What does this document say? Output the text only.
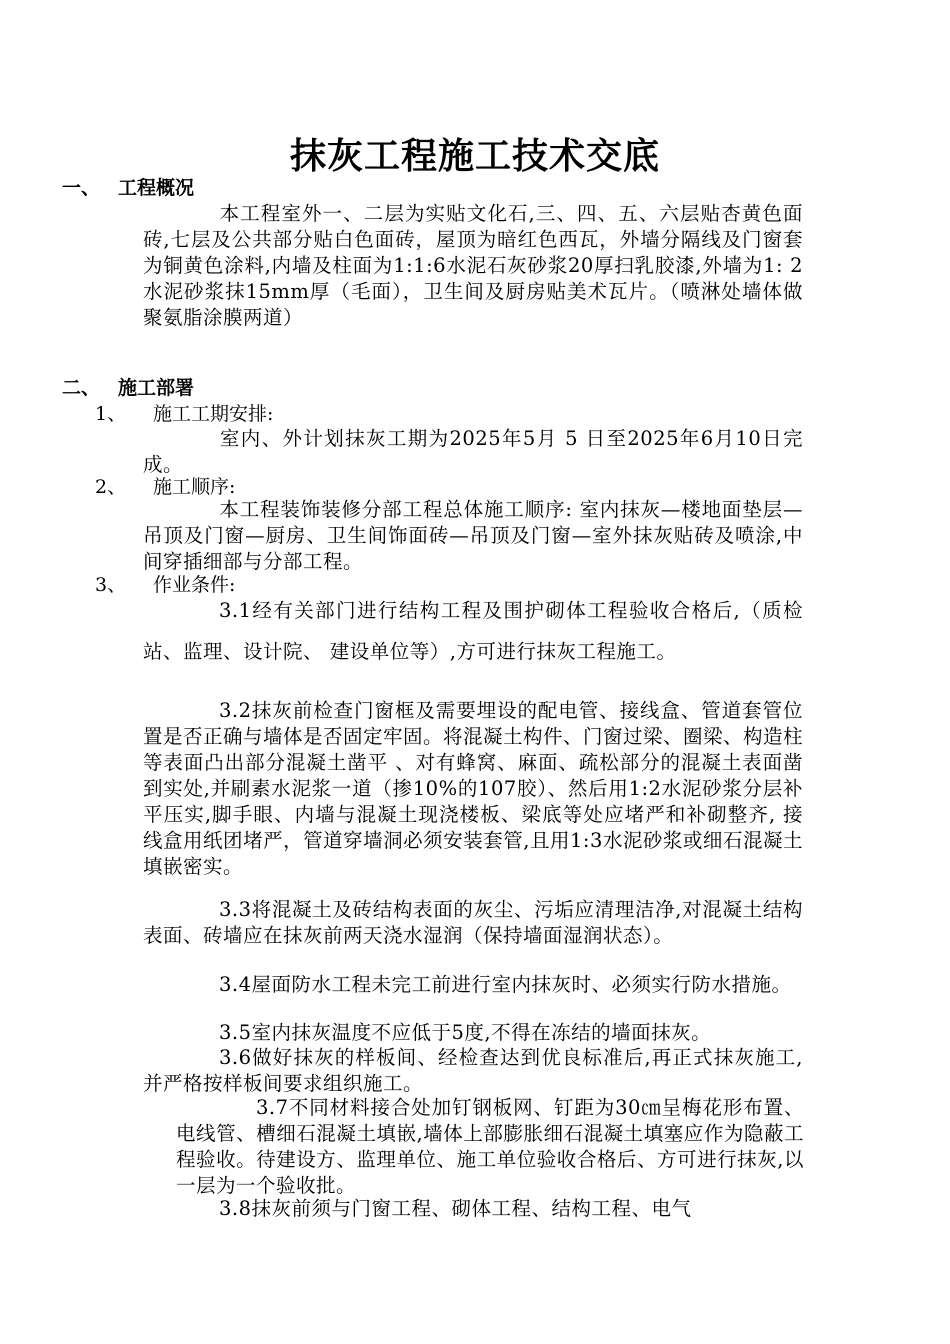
抹灰工程施工技术交底
一、 工程概况
本工程室外一、二层为实贴文化石,三、四、五、六层贴杏黄色面砖,七层及公共部分贴白色面砖，屋顶为暗红色西瓦，外墙分隔线及门窗套为铜黄色涂料,内墙及柱面为1:1:6水泥石灰砂浆20厚扫乳胶漆,外墙为1: 2水泥砂浆抹15mm厚（毛面），卫生间及厨房贴美术瓦片。（喷淋处墙体做聚氨脂涂膜两道）
二、 施工部署
1、 施工工期安排:
室内、外计划抹灰工期为2025年5月 5 日至2025年6月10日完成。
2、 施工顺序:
本工程装饰装修分部工程总体施工顺序: 室内抹灰—楼地面垫层—吊顶及门窗—厨房、卫生间饰面砖—吊顶及门窗—室外抹灰贴砖及喷涂,中间穿插细部与分部工程。
3、 作业条件:
3.1经有关部门进行结构工程及围护砌体工程验收合格后,（质检站、监理、设计院、 建设单位等）,方可进行抹灰工程施工。
3.2抹灰前检查门窗框及需要埋设的配电管、接线盒、管道套管位置是否正确与墙体是否固定牢固。将混凝土构件、门窗过梁、圈梁、构造柱等表面凸出部分混凝土凿平 、对有蜂窝、麻面、疏松部分的混凝土表面凿到实处,并刷素水泥浆一道（掺10%的107胶）、然后用1:2水泥砂浆分层补平压实,脚手眼、内墙与混凝土现浇楼板、梁底等处应堵严和补砌整齐, 接线盒用纸团堵严，管道穿墙洞必须安装套管,且用1:3水泥砂浆或细石混凝土填嵌密实。
3.3将混凝土及砖结构表面的灰尘、污垢应清理洁净,对混凝土结构表面、砖墙应在抹灰前两天浇水湿润（保持墙面湿润状态）。
3.4屋面防水工程未完工前进行室内抹灰时、必须实行防水措施。
3.5室内抹灰温度不应低于5度,不得在冻结的墙面抹灰。
3.6做好抹灰的样板间、经检查达到优良标准后,再正式抹灰施工,并严格按样板间要求组织施工。
3.7不同材料接合处加钉钢板网、钉距为30㎝呈梅花形布置、电线管、槽细石混凝土填嵌,墙体上部膨胀细石混凝土填塞应作为隐蔽工程验收。待建设方、监理单位、施工单位验收合格后、方可进行抹灰,以一层为一个验收批。
3.8抹灰前须与门窗工程、砌体工程、结构工程、电气
